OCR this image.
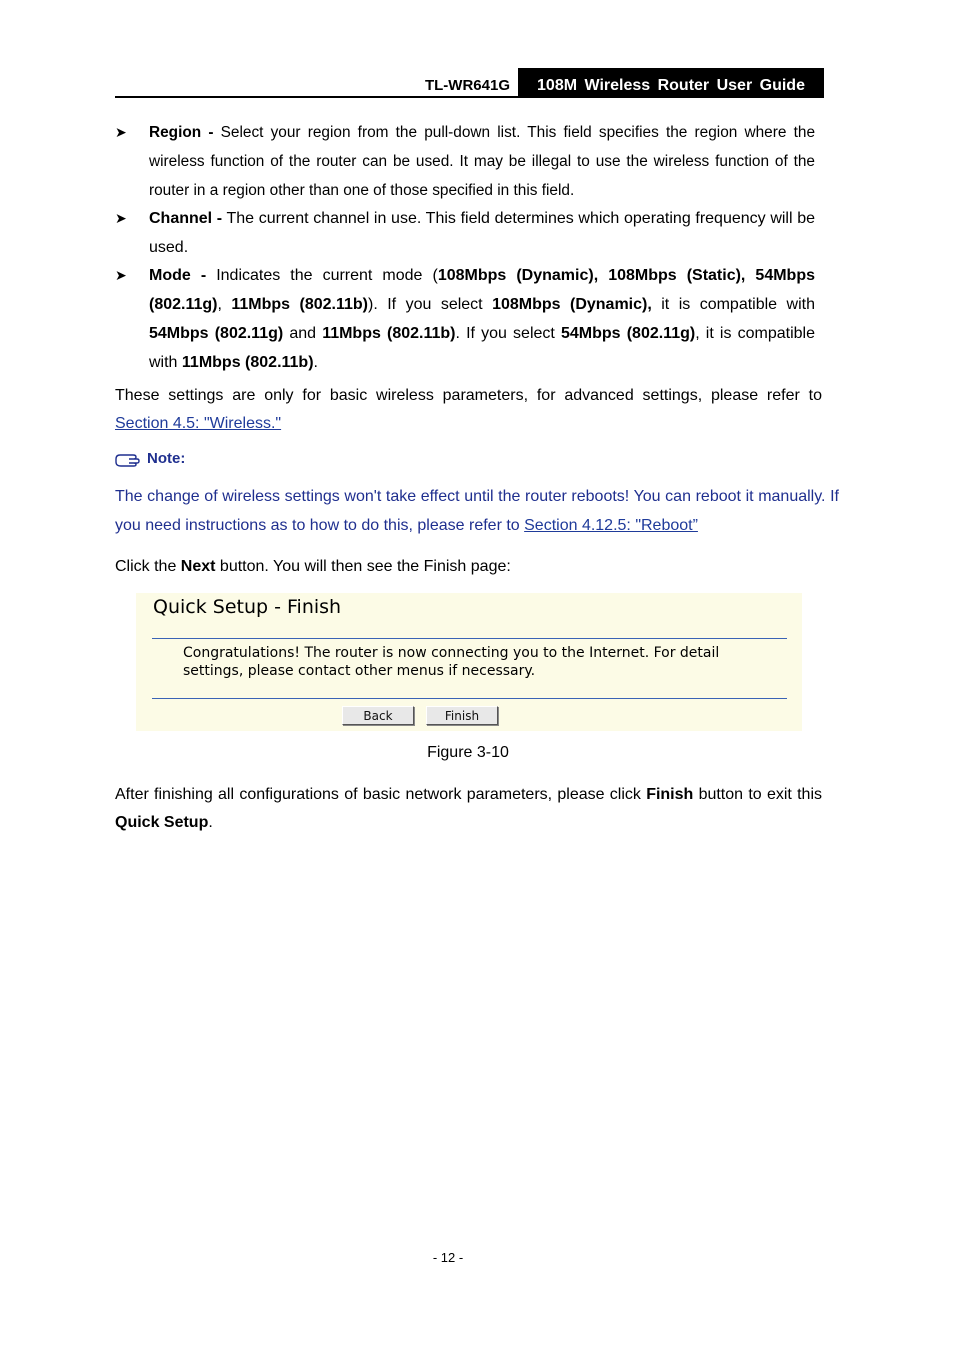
TL-WR641G	108M Wireless Router User Guide
➤	Region - Select your region from the pull-down list. This field specifies the region where the wireless function of the router can be used. It may be illegal to use the wireless function of the router in a region other than one of those specified in this field.
➤	Channel - The current channel in use. This field determines which operating frequency will be used.
➤	Mode - Indicates the current mode (108Mbps (Dynamic), 108Mbps (Static), 54Mbps (802.11g), 11Mbps (802.11b)). If you select 108Mbps (Dynamic), it is compatible with 54Mbps (802.11g) and 11Mbps (802.11b). If you select 54Mbps (802.11g), it is compatible with 11Mbps (802.11b).
These settings are only for basic wireless parameters, for advanced settings, please refer to Section 4.5: "Wireless."
Note:
The change of wireless settings won't take effect until the router reboots! You can reboot it manually. If you need instructions as to how to do this, please refer to Section 4.12.5: "Reboot”
Click the Next button. You will then see the Finish page:
Quick Setup - Finish
Congratulations! The router is now connecting you to the Internet. For detail settings, please contact other menus if necessary.
Back	Finish
Figure 3-10
After finishing all configurations of basic network parameters, please click Finish button to exit this Quick Setup.
- 12 -
